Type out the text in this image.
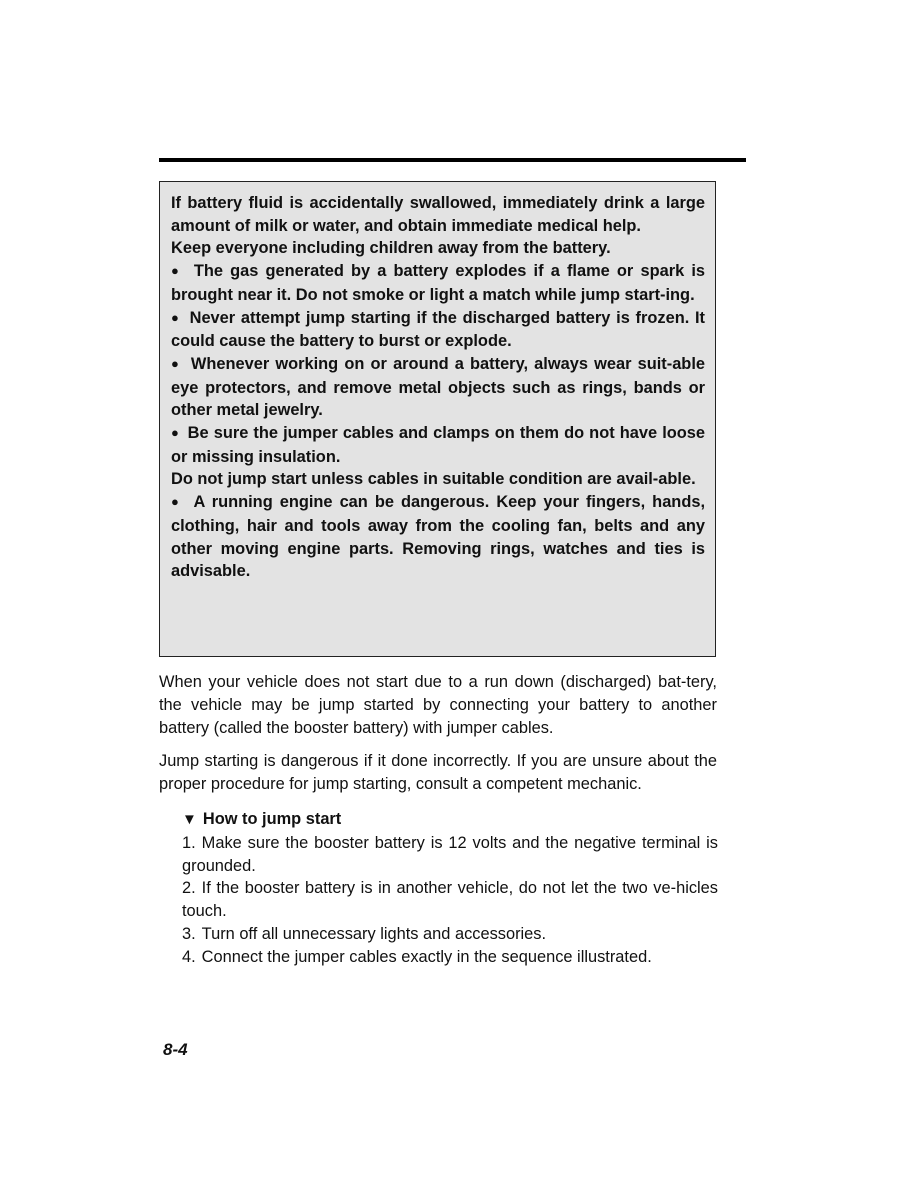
If battery fluid is accidentally swallowed, immediately drink a large amount of milk or water, and obtain immediate medical help.

Keep everyone including children away from the battery.

●  The gas generated by a battery explodes if a flame or spark is brought near it. Do not smoke or light a match while jump start-ing.

●  Never attempt jump starting if the discharged battery is frozen. It could cause the battery to burst or explode.

●  Whenever working on or around a battery, always wear suit-able eye protectors, and remove metal objects such as rings, bands or other metal jewelry.

●  Be sure the jumper cables and clamps on them do not have loose or missing insulation.

Do not jump start unless cables in suitable condition are avail-able.

●  A running engine can be dangerous. Keep your fingers, hands, clothing, hair and tools away from the cooling fan, belts and any other moving engine parts. Removing rings, watches and ties is advisable.

When your vehicle does not start due to a run down (discharged) bat-tery, the vehicle may be jump started by connecting your battery to another battery (called the booster battery) with jumper cables.

Jump starting is dangerous if it done incorrectly. If you are unsure about the proper procedure for jump starting, consult a competent mechanic.

▼ How to jump start

1. Make sure the booster battery is 12 volts and the negative terminal is grounded.

2. If the booster battery is in another vehicle, do not let the two ve-hicles touch.

3. Turn off all unnecessary lights and accessories.

4. Connect the jumper cables exactly in the sequence illustrated.

8-4
